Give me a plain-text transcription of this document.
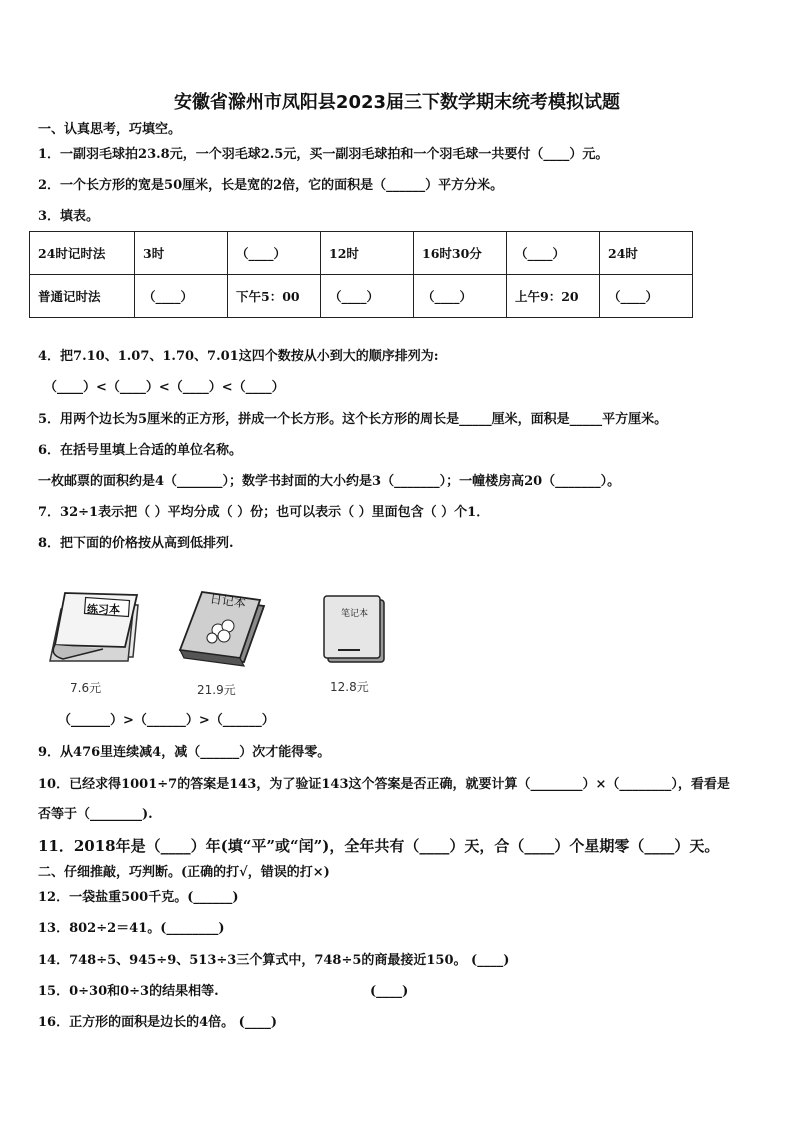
安徽省滁州市凤阳县2023届三下数学期末统考模拟试题
一、认真思考，巧填空。
1．一副羽毛球拍23.8元，一个羽毛球2.5元，买一副羽毛球拍和一个羽毛球一共要付（____）元。
2．一个长方形的宽是50厘米，长是宽的2倍，它的面积是（______）平方分米。
3．填表。
24时记时法	3时	（____）	12时	16时30分	（____）	24时
普通记时法	（____）	下午5：00	（____）	（____）	上午9：20	（____）
4．把7.10、1.07、1.70、7.01这四个数按从小到大的顺序排列为:
（____）<（____）<（____）<（____）
5．用两个边长为5厘米的正方形，拼成一个长方形。这个长方形的周长是_____厘米，面积是_____平方厘米。
6．在括号里填上合适的单位名称。
一枚邮票的面积约是4（_______）；数学书封面的大小约是3（_______）；一幢楼房高20（_______）。
7．32÷1表示把（ ）平均分成（ ）份；也可以表示（ ）里面包含（ ）个1．
8．把下面的价格按从高到低排列.
练习本
7.6元
日记本
21.9元
笔记本
12.8元
（______）>（______）>（______）
9．从476里连续减4，减（______）次才能得零。
10．已经求得1001÷7的答案是143，为了验证143这个答案是否正确，就要计算（________）×（________），看看是
否等于（________).
11．2018年是（____）年(填“平”或“闰”)，全年共有（____）天，合（____）个星期零（____）天。
二、仔细推敲，巧判断。(正确的打√，错误的打×)
12．一袋盐重500千克。(______)
13．802÷2＝41。(________)
14．748÷5、945÷9、513÷3三个算式中，748÷5的商最接近150。 (____)
15．0÷30和0÷3的结果相等.	(____)
16．正方形的面积是边长的4倍。 (____)
